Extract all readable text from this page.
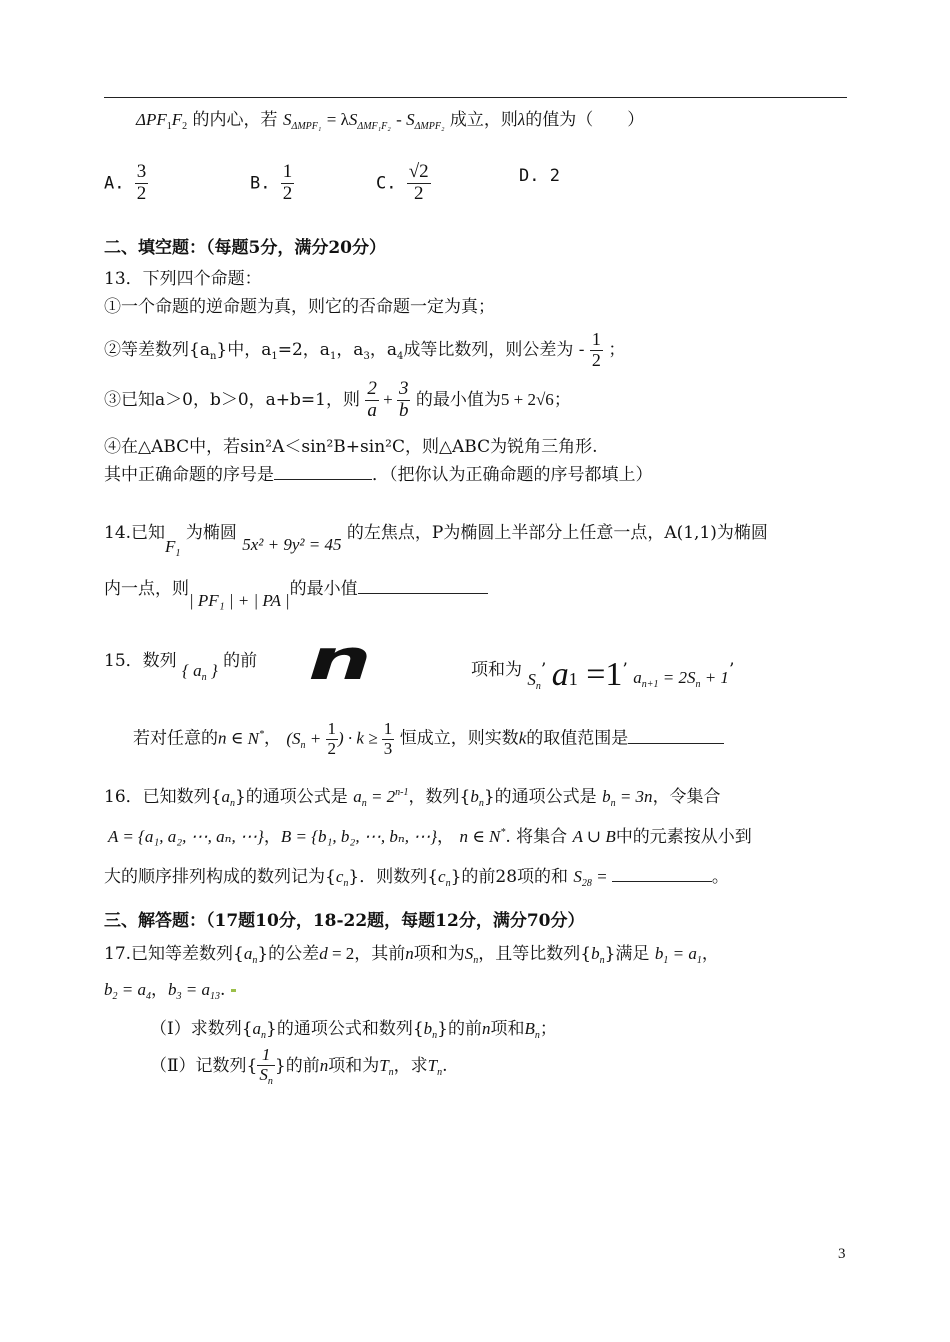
$\Delta PF_1F_2$ 的内心，若 $S_{\Delta MPF_1} = \lambda S_{\Delta MF_1F_2} - S_{\Delta MPF_2}$ 成立，则λ的值为（　　）
A. $\frac{3}{2}$	B. $\frac{1}{2}$	C. $\frac{√2}{2}$	D. 2
二、填空题：（每题5分，满分20分）
13．下列四个命题：
①一个命题的逆命题为真，则它的否命题一定为真；
②等差数列$\{a_n\}$中，$a_1=2$，$a_1$，$a_3$，$a_4$成等比数列，则公差为 - $\frac{1}{2}$ ；
③已知a＞0，b＞0，a+b=1，则 $\frac{2}{a} + \frac{3}{b}$ 的最小值为5 + 2√6；
④在△ABC中，若sin²A＜sin²B+sin²C，则△ABC为锐角三角形.
其中正确命题的序号是	．（把你认为正确命题的序号都填上）
14.已知$F_1$ 为椭圆 5x² + 9y² = 45 的左焦点，P为椭圆上半部分上任意一点，A(1,1)为椭圆
内一点，则| PF₁ | + | PA |的最小值
15．数列 { $a_n$ } 的前 n	项和为 $S_n$’ a1 =1’ $a_{n+1} = 2S_n + 1$’
若对任意的n ∈ N*， ($S_n + \frac{1}{2}$ ) · $k \ge \frac{1}{3}$ 恒成立，则实数k的取值范围是
16．已知数列$\{a_n\}$的通项公式是 $a_n = 2^{n-1}$，数列$\{b_n\}$的通项公式是 $b_n = 3n$，令集合
A = {a₁, a₂, ⋯, aₙ, ⋯}，B = {b₁, b₂, ⋯, bₙ, ⋯}， n ∈ N*. 将集合 A ∪ B中的元素按从小到
大的顺序排列构成的数列记为$\{c_n\}$．则数列$\{c_n\}$的前28项的和 $S_{28}$ =	。
三、解答题：（17题10分，18-22题，每题12分，满分70分）
17.已知等差数列$\{a_n\}$的公差d = 2，其前n项和为$S_n$，且等比数列$\{b_n\}$满足 $b_1 = a_1$，
$b_2 = a_4$，$b_3 = a_{13}$.
（Ⅰ）求数列$\{a_n\}$的通项公式和数列$\{b_n\}$的前n项和$B_n$；
（Ⅱ）记数列{ $\frac{1}{S_n}$ }的前n项和为$T_n$，求$T_n$.
3
